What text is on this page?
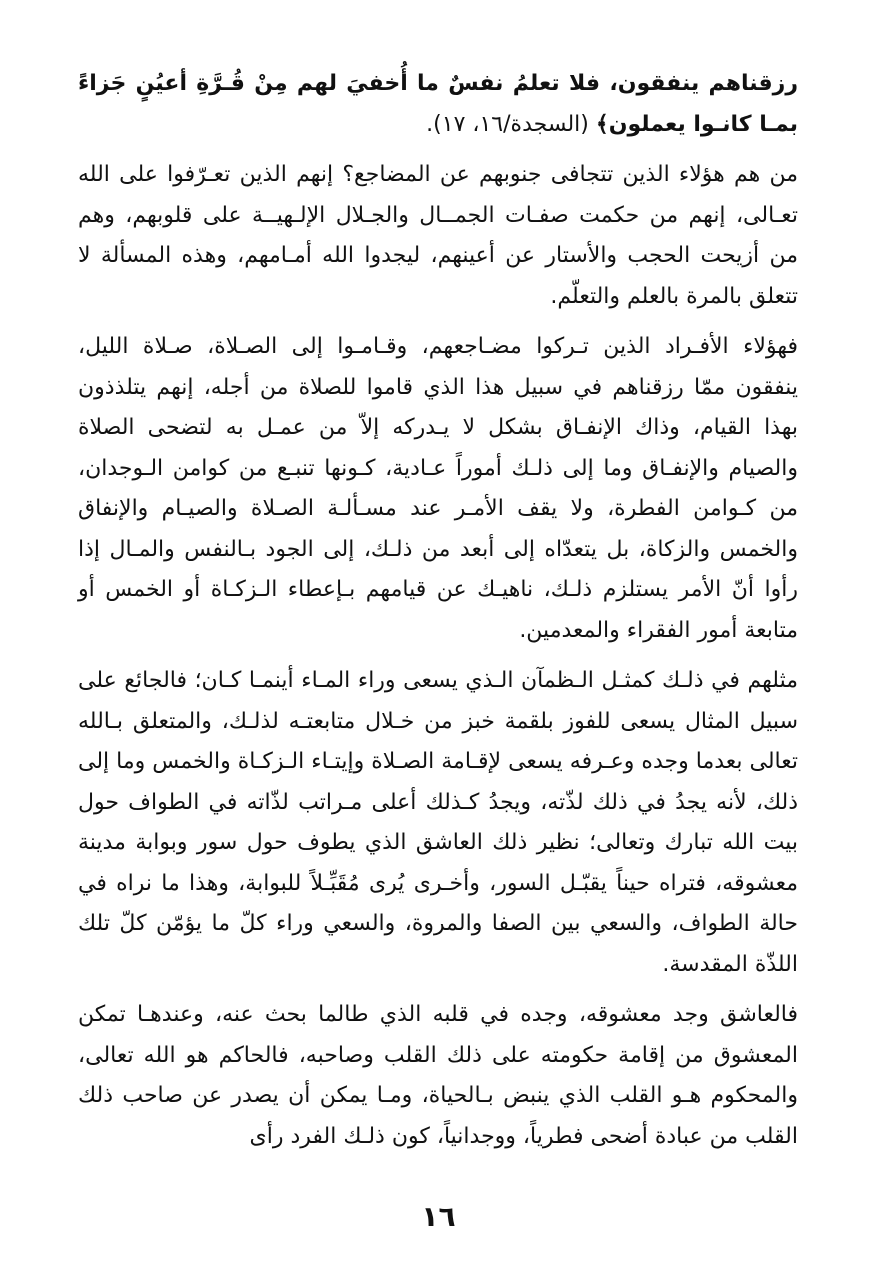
رزقناهم ينفقون، فلا تعلمُ نفسٌ ما أُخفيَ لهم مِنْ قُـرَّةِ أعيُنٍ جَزاءً بمـا كانـوا يعملون﴾ (السجدة/١٦، ١٧).

من هم هؤلاء الذين تتجافى جنوبهم عن المضاجع؟ إنهم الذين تعـرّفوا على الله تعـالى، إنهم من حكمت صفـات الجمــال والجـلال الإلـهيــة على قلوبهم، وهم من أزيحت الحجب والأستار عن أعينهم، ليجدوا الله أمـامهم، وهذه المسألة لا تتعلق بالمرة بالعلم والتعلّم.

فهؤلاء الأفـراد الذين تـركوا مضـاجعهم، وقـامـوا إلى الصـلاة، صـلاة الليل، ينفقون ممّا رزقناهم في سبيل هذا الذي قاموا للصلاة من أجله، إنهم يتلذذون بهذا القيام، وذاك الإنفـاق بشكل لا يـدركه إلاّ من عمـل به لتضحى الصلاة والصيام والإنفـاق وما إلى ذلـك أموراً عـادية، كـونها تنبـع من كوامن الـوجدان، من كـوامن الفطرة، ولا يقف الأمـر عند مسـألـة الصـلاة والصيـام والإنفاق والخمس والزكاة، بل يتعدّاه إلى أبعد من ذلـك، إلى الجود بـالنفس والمـال إذا رأوا أنّ الأمر يستلزم ذلـك، ناهيـك عن قيامهم بـإعطاء الـزكـاة أو الخمس أو متابعة أمور الفقراء والمعدمين.

مثلهم في ذلـك كمثـل الـظمآن الـذي يسعى وراء المـاء أينمـا كـان؛ فالجائع على سبيل المثال يسعى للفوز بلقمة خبز من خـلال متابعتـه لذلـك، والمتعلق بـالله تعالى بعدما وجده وعـرفه يسعى لإقـامة الصـلاة وإيتـاء الـزكـاة والخمس وما إلى ذلك، لأنه يجدُ في ذلك لذّته، ويجدُ كـذلك أعلى مـراتب لذّاته في الطواف حول بيت الله تبارك وتعالى؛ نظير ذلك العاشق الذي يطوف حول سور وبوابة مدينة معشوقه، فتراه حيناً يقبّـل السور، وأخـرى يُرى مُقَبِّـلاً للبوابة، وهذا ما نراه في حالة الطواف، والسعي بين الصفا والمروة، والسعي وراء كلّ ما يؤمّن كلّ تلك اللذّة المقدسة.

فالعاشق وجد معشوقه، وجده في قلبه الذي طالما بحث عنه، وعندهـا تمكن المعشوق من إقامة حكومته على ذلك القلب وصاحبه، فالحاكم هو الله تعالى، والمحكوم هـو القلب الذي ينبض بـالحياة، ومـا يمكن أن يصدر عن صاحب ذلك القلب من عبادة أضحى فطرياً، ووجدانياً، كون ذلـك الفرد رأى

١٦
